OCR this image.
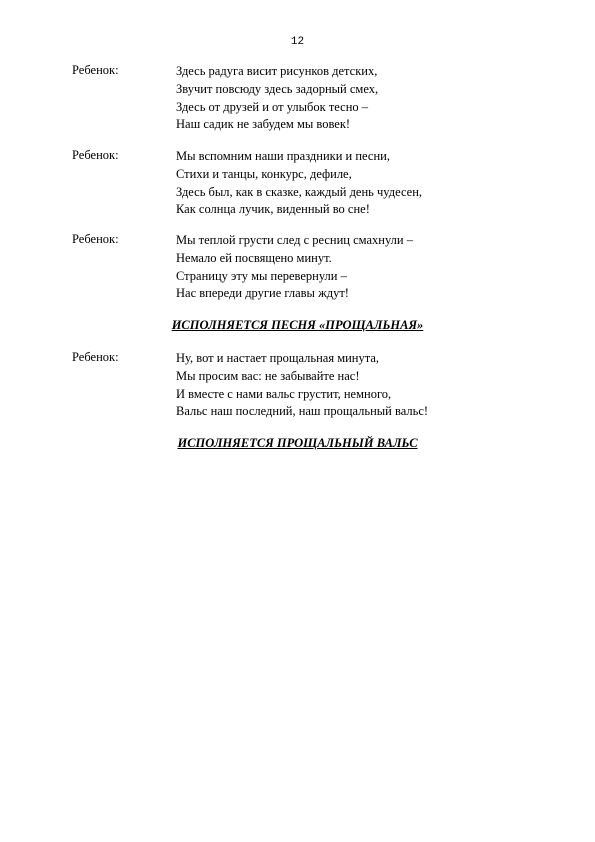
12
Ребенок:	Здесь радуга висит рисунков детских,
Звучит повсюду здесь задорный смех,
Здесь от друзей и от улыбок тесно –
Наш садик не забудем мы вовек!
Ребенок:	Мы вспомним наши праздники и песни,
Стихи и танцы, конкурс, дефиле,
Здесь был, как в сказке, каждый день чудесен,
Как солнца лучик, виденный во сне!
Ребенок:	Мы теплой грусти след с ресниц смахнули –
Немало ей посвящено минут.
Страницу эту мы перевернули –
Нас впереди другие главы ждут!
ИСПОЛНЯЕТСЯ ПЕСНЯ «ПРОЩАЛЬНАЯ»
Ребенок:	Ну, вот и настает прощальная минута,
Мы просим вас: не забывайте нас!
И вместе с нами вальс грустит, немного,
Вальс наш последний, наш прощальный вальс!
ИСПОЛНЯЕТСЯ ПРОЩАЛЬНЫЙ ВАЛЬС
